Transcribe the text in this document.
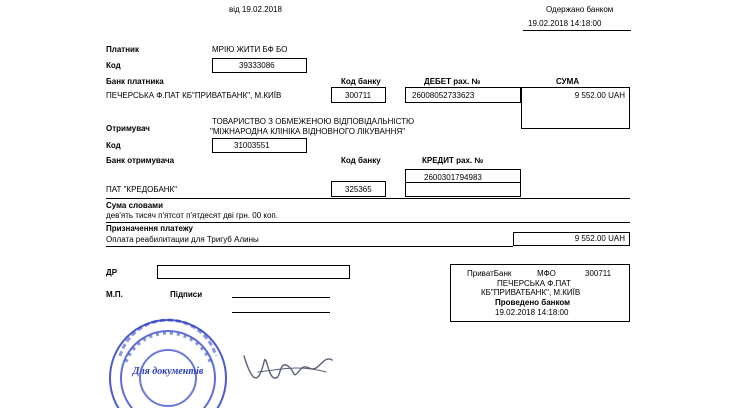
від 19.02.2018	Одержано банком
19.02.2018 14:18:00
Платник	МРІЮ ЖИТИ БФ БО
Код	39333086
Банк платника	Код банку	ДЕБЕТ рах. №	СУМА
ПЕЧЕРСЬКА Ф.ПАТ КБ"ПРИВАТБАНК", М.КИЇВ	300711	26008052733623	9 552.00 UAH
ТОВАРИСТВО З ОБМЕЖЕНОЮ ВІДПОВІДАЛЬНІСТЮ
"МІЖНАРОДНА КЛІНІКА ВІДНОВНОГО ЛІКУВАННЯ"
Отримувач
Код	31003551
Банк отримувача	Код банку	КРЕДИТ рах. №
2600301794983
ПАТ "КРЕДОБАНК"	325365
Сума словами
дев'ять тисяч п'ятсот п'ятдесят дві грн. 00 коп.
Призначення платежу
Оплата реабилитации для Тригуб Алины	9 552.00 UAH
ДР
М.П.	Підписи
ПриватБанк	МФО	300711
ПЕЧЕРСЬКА Ф.ПАТ
КБ"ПРИВАТБАНК", М.КИЇВ
Проведено банком
19.02.2018 14:18:00
Для документів
